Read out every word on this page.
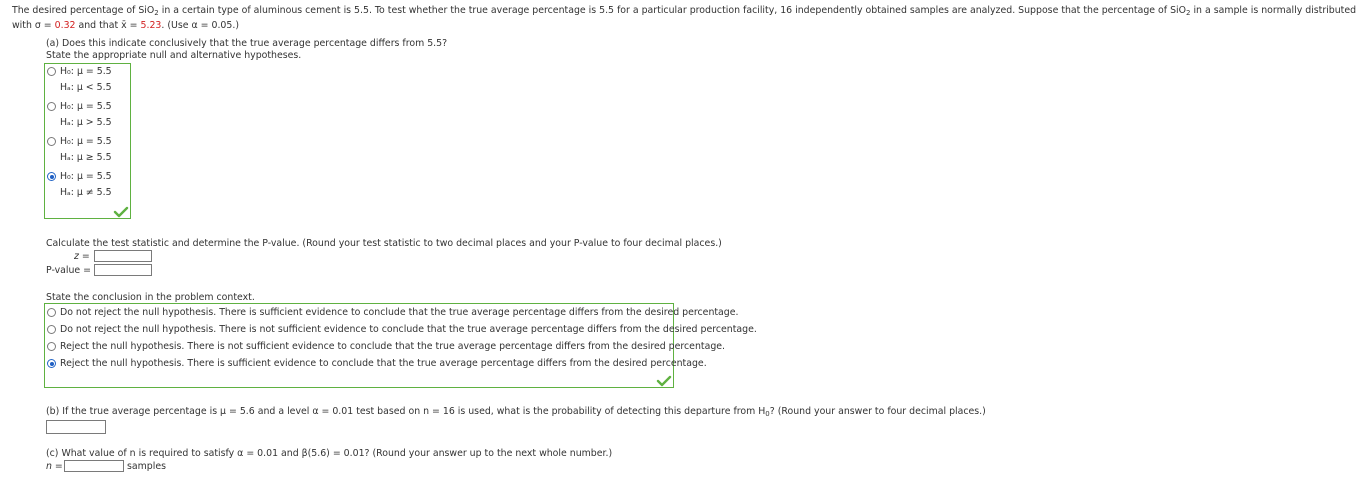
The desired percentage of SiO$_2$ in a certain type of aluminous cement is 5.5. To test whether the true average percentage is 5.5 for a particular production facility, 16 independently obtained samples are analyzed. Suppose that the percentage of SiO$_2$ in a sample is normally distributed
with σ = 0.32 and that x̄ = 5.23. (Use α = 0.05.)
(a) Does this indicate conclusively that the true average percentage differs from 5.5?
State the appropriate null and alternative hypotheses.
H₀: μ = 5.5
Hₐ: μ < 5.5
H₀: μ = 5.5
Hₐ: μ > 5.5
H₀: μ = 5.5
Hₐ: μ ≥ 5.5
H₀: μ = 5.5
Hₐ: μ ≠ 5.5
Calculate the test statistic and determine the P-value. (Round your test statistic to two decimal places and your P-value to four decimal places.)
z =
P-value =
State the conclusion in the problem context.
Do not reject the null hypothesis. There is sufficient evidence to conclude that the true average percentage differs from the desired percentage.
Do not reject the null hypothesis. There is not sufficient evidence to conclude that the true average percentage differs from the desired percentage.
Reject the null hypothesis. There is not sufficient evidence to conclude that the true average percentage differs from the desired percentage.
Reject the null hypothesis. There is sufficient evidence to conclude that the true average percentage differs from the desired percentage.
(b) If the true average percentage is μ = 5.6 and a level α = 0.01 test based on n = 16 is used, what is the probability of detecting this departure from $H_0$? (Round your answer to four decimal places.)
(c) What value of n is required to satisfy α = 0.01 and β(5.6) = 0.01? (Round your answer up to the next whole number.)
n =	samples
